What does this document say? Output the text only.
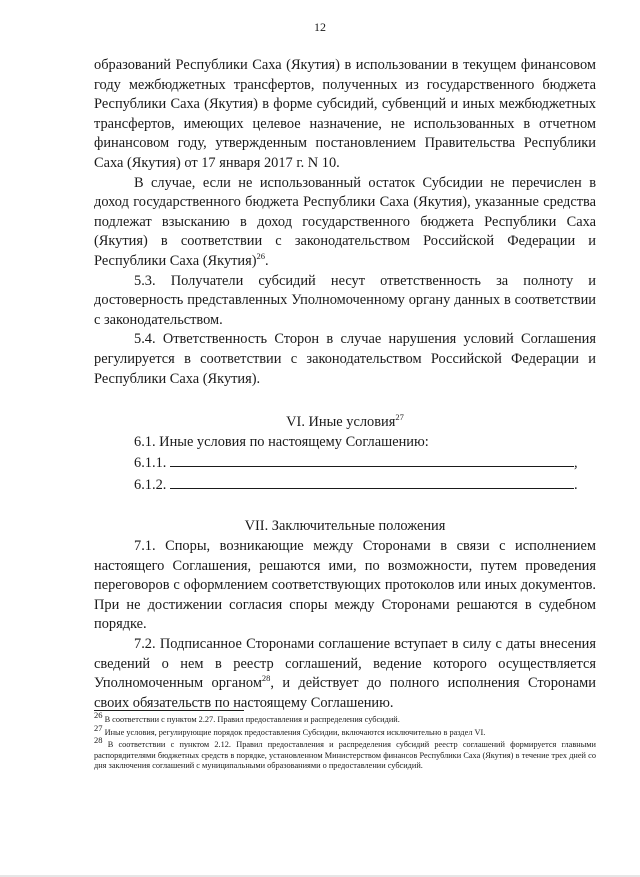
12

образований Республики Саха (Якутия) в использовании в текущем финансовом году межбюджетных трансфертов, полученных из государственного бюджета Республики Саха (Якутия) в форме субсидий, субвенций и иных межбюджетных трансфертов, имеющих целевое назначение, не использованных в отчетном финансовом году, утвержденным постановлением Правительства Республики Саха (Якутия) от 17 января 2017 г. N 10.

В случае, если не использованный остаток Субсидии не перечислен в доход государственного бюджета Республики Саха (Якутия), указанные средства подлежат взысканию в доход государственного бюджета Республики Саха (Якутия) в соответствии с законодательством Российской Федерации и Республики Саха (Якутия)$^{26}$.

5.3. Получатели субсидий несут ответственность за полноту и достоверность представленных Уполномоченному органу данных в соответствии с законодательством.

5.4. Ответственность Сторон в случае нарушения условий Соглашения регулируется в соответствии с законодательством Российской Федерации и Республики Саха (Якутия).

VI. Иные условия$^{27}$

6.1. Иные условия по настоящему Соглашению:

6.1.1.	,

6.1.2.	.

VII. Заключительные положения

7.1. Споры, возникающие между Сторонами в связи с исполнением настоящего Соглашения, решаются ими, по возможности, путем проведения переговоров с оформлением соответствующих протоколов или иных документов. При не достижении согласия споры между Сторонами решаются в судебном порядке.

7.2. Подписанное Сторонами соглашение вступает в силу с даты внесения сведений о нем в реестр соглашений, ведение которого осуществляется Уполномоченным органом$^{28}$, и действует до полного исполнения Сторонами своих обязательств по настоящему Соглашению.

$^{26}$ В соответствии с пунктом 2.27. Правил предоставления и распределения субсидий.

$^{27}$ Иные условия, регулирующие порядок предоставления Субсидии, включаются исключительно в раздел VI.

$^{28}$ В соответствии с пунктом 2.12. Правил предоставления и распределения субсидий реестр соглашений формируется главными распорядителями бюджетных средств в порядке, установленном Министерством финансов Республики Саха (Якутия) в течение трех дней со дня заключения соглашений с муниципальными образованиями о предоставлении субсидий.
